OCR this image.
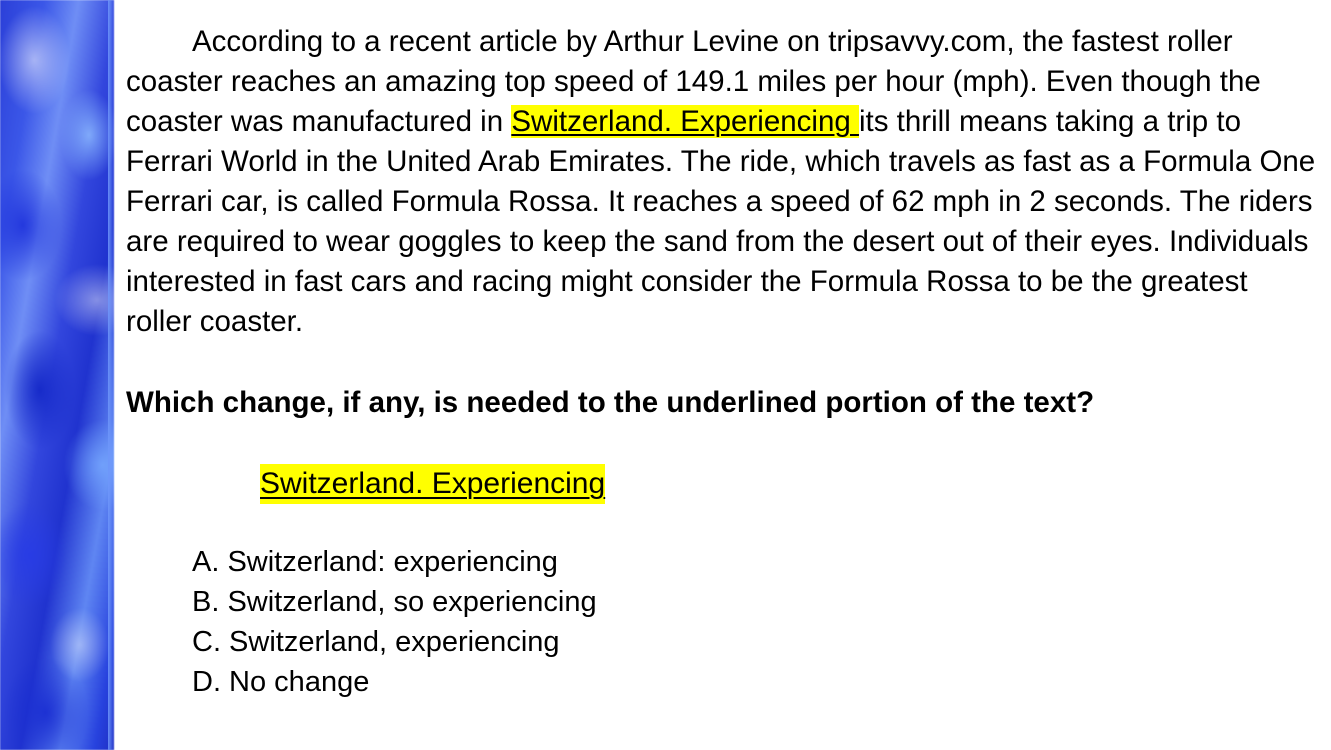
According to a recent article by Arthur Levine on tripsavvy.com, the fastest roller coaster reaches an amazing top speed of 149.1 miles per hour (mph). Even though the coaster was manufactured in Switzerland. Experiencing its thrill means taking a trip to Ferrari World in the United Arab Emirates. The ride, which travels as fast as a Formula One Ferrari car, is called Formula Rossa. It reaches a speed of 62 mph in 2 seconds. The riders are required to wear goggles to keep the sand from the desert out of their eyes. Individuals interested in fast cars and racing might consider the Formula Rossa to be the greatest roller coaster.

Which change, if any, is needed to the underlined portion of the text?
Switzerland. Experiencing
A. Switzerland: experiencing
B. Switzerland, so experiencing
C. Switzerland, experiencing
D. No change
